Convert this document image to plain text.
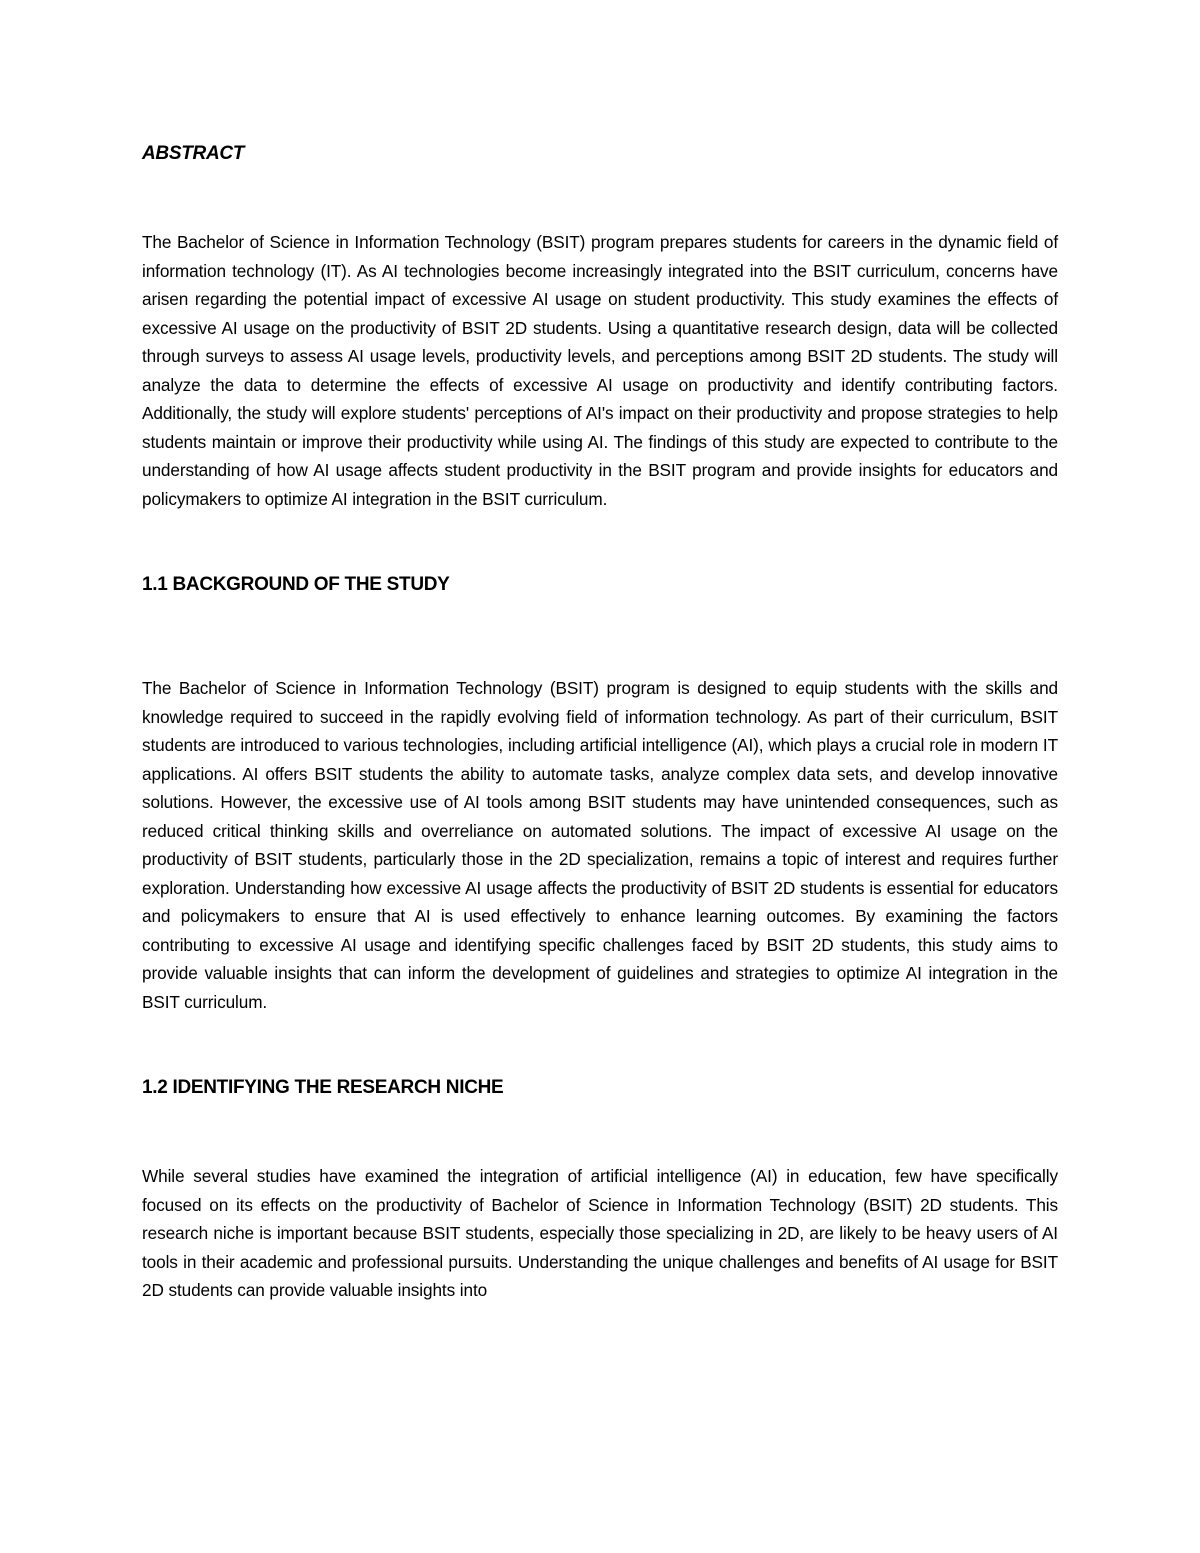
ABSTRACT

The Bachelor of Science in Information Technology (BSIT) program prepares students for careers in the dynamic field of information technology (IT). As AI technologies become increasingly integrated into the BSIT curriculum, concerns have arisen regarding the potential impact of excessive AI usage on student productivity. This study examines the effects of excessive AI usage on the productivity of BSIT 2D students. Using a quantitative research design, data will be collected through surveys to assess AI usage levels, productivity levels, and perceptions among BSIT 2D students. The study will analyze the data to determine the effects of excessive AI usage on productivity and identify contributing factors. Additionally, the study will explore students' perceptions of AI's impact on their productivity and propose strategies to help students maintain or improve their productivity while using AI. The findings of this study are expected to contribute to the understanding of how AI usage affects student productivity in the BSIT program and provide insights for educators and policymakers to optimize AI integration in the BSIT curriculum.

1.1 BACKGROUND OF THE STUDY

The Bachelor of Science in Information Technology (BSIT) program is designed to equip students with the skills and knowledge required to succeed in the rapidly evolving field of information technology. As part of their curriculum, BSIT students are introduced to various technologies, including artificial intelligence (AI), which plays a crucial role in modern IT applications. AI offers BSIT students the ability to automate tasks, analyze complex data sets, and develop innovative solutions. However, the excessive use of AI tools among BSIT students may have unintended consequences, such as reduced critical thinking skills and overreliance on automated solutions. The impact of excessive AI usage on the productivity of BSIT students, particularly those in the 2D specialization, remains a topic of interest and requires further exploration. Understanding how excessive AI usage affects the productivity of BSIT 2D students is essential for educators and policymakers to ensure that AI is used effectively to enhance learning outcomes. By examining the factors contributing to excessive AI usage and identifying specific challenges faced by BSIT 2D students, this study aims to provide valuable insights that can inform the development of guidelines and strategies to optimize AI integration in the BSIT curriculum.

1.2 IDENTIFYING THE RESEARCH NICHE

While several studies have examined the integration of artificial intelligence (AI) in education, few have specifically focused on its effects on the productivity of Bachelor of Science in Information Technology (BSIT) 2D students. This research niche is important because BSIT students, especially those specializing in 2D, are likely to be heavy users of AI tools in their academic and professional pursuits. Understanding the unique challenges and benefits of AI usage for BSIT 2D students can provide valuable insights into
